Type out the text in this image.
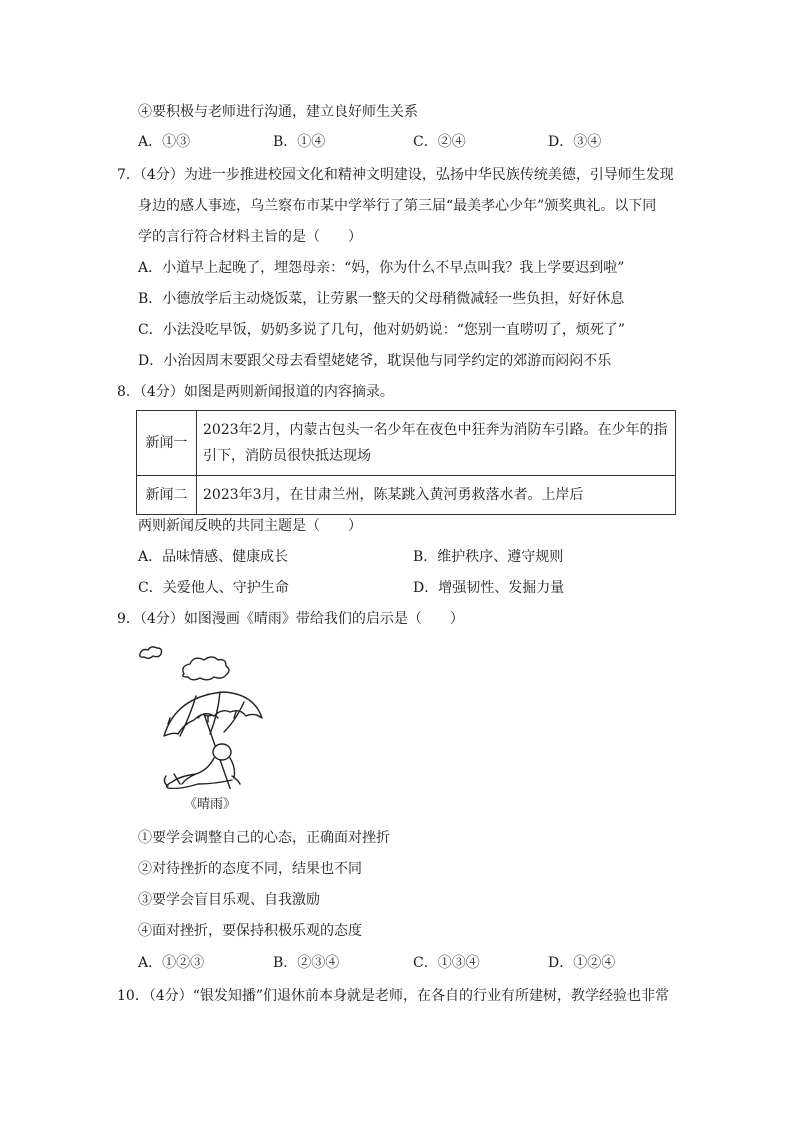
④要积极与老师进行沟通，建立良好师生关系
A．①③	B．①④	C．②④	D．③④
7．（4分）为进一步推进校园文化和精神文明建设，弘扬中华民族传统美德，引导师生发现
身边的感人事迹，乌兰察布市某中学举行了第三届“最美孝心少年”颁奖典礼。以下同
学的言行符合材料主旨的是（　　）
A．小道早上起晚了，埋怨母亲：“妈，你为什么不早点叫我？我上学要迟到啦”
B．小德放学后主动烧饭菜，让劳累一整天的父母稍微减轻一些负担，好好休息
C．小法没吃早饭，奶奶多说了几句，他对奶奶说：“您别一直唠叨了，烦死了”
D．小治因周末要跟父母去看望姥姥爷，耽误他与同学约定的郊游而闷闷不乐
8．（4分）如图是两则新闻报道的内容摘录。
新闻一	2023年2月，内蒙古包头一名少年在夜色中狂奔为消防车引路。在少年的指引下，消防员很快抵达现场
新闻二	2023年3月，在甘肃兰州，陈某跳入黄河勇救落水者。上岸后
两则新闻反映的共同主题是（　　）
A．品味情感、健康成长	B．维护秩序、遵守规则
C．关爱他人、守护生命	D．增强韧性、发掘力量
9．（4分）如图漫画《晴雨》带给我们的启示是（　　）
《晴雨》
①要学会调整自己的心态，正确面对挫折
②对待挫折的态度不同，结果也不同
③要学会盲目乐观、自我激励
④面对挫折，要保持积极乐观的态度
A．①②③	B．②③④	C．①③④	D．①②④
10．（4分）“银发知播”们退休前本身就是老师，在各自的行业有所建树，教学经验也非常
